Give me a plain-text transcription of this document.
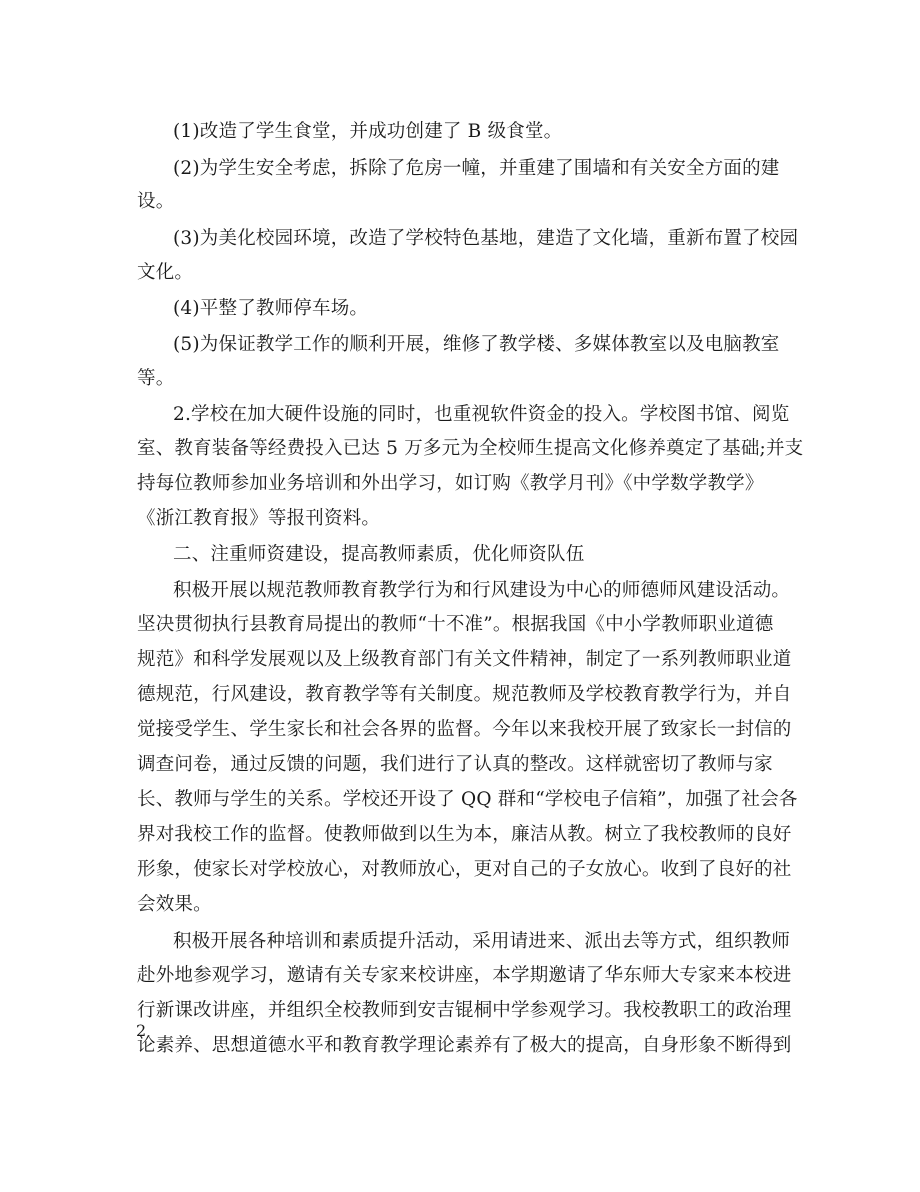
(1)改造了学生食堂，并成功创建了 B 级食堂。
(2)为学生安全考虑，拆除了危房一幢，并重建了围墙和有关安全方面的建
设。
(3)为美化校园环境，改造了学校特色基地，建造了文化墙，重新布置了校园
文化。
(4)平整了教师停车场。
(5)为保证教学工作的顺利开展，维修了教学楼、多媒体教室以及电脑教室
等。
2.学校在加大硬件设施的同时，也重视软件资金的投入。学校图书馆、阅览
室、教育装备等经费投入已达 5 万多元为全校师生提高文化修养奠定了基础;并支
持每位教师参加业务培训和外出学习，如订购《教学月刊》《中学数学教学》
《浙江教育报》等报刊资料。
二、注重师资建设，提高教师素质，优化师资队伍
积极开展以规范教师教育教学行为和行风建设为中心的师德师风建设活动。
坚决贯彻执行县教育局提出的教师“十不准”。根据我国《中小学教师职业道德
规范》和科学发展观以及上级教育部门有关文件精神，制定了一系列教师职业道
德规范，行风建设，教育教学等有关制度。规范教师及学校教育教学行为，并自
觉接受学生、学生家长和社会各界的监督。今年以来我校开展了致家长一封信的
调查问卷，通过反馈的问题，我们进行了认真的整改。这样就密切了教师与家
长、教师与学生的关系。学校还开设了 QQ 群和“学校电子信箱”，加强了社会各
界对我校工作的监督。使教师做到以生为本，廉洁从教。树立了我校教师的良好
形象，使家长对学校放心，对教师放心，更对自己的子女放心。收到了良好的社
会效果。
积极开展各种培训和素质提升活动，采用请进来、派出去等方式，组织教师
赴外地参观学习，邀请有关专家来校讲座，本学期邀请了华东师大专家来本校进
行新课改讲座，并组织全校教师到安吉锟桐中学参观学习。我校教职工的政治理
论素养、思想道德水平和教育教学理论素养有了极大的提高，自身形象不断得到
2
